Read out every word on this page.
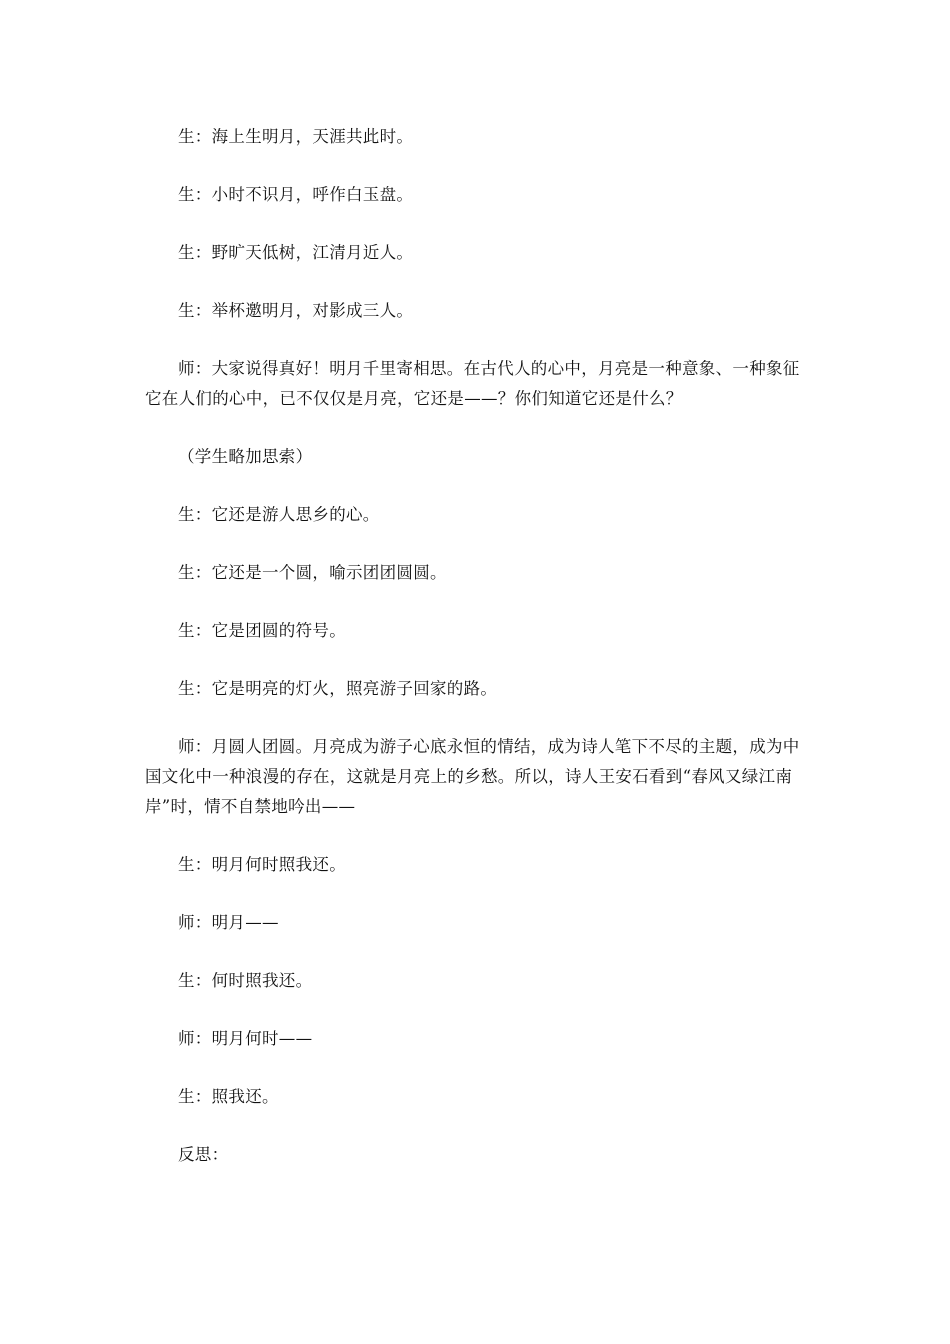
生：海上生明月，天涯共此时。

生：小时不识月，呼作白玉盘。

生：野旷天低树，江清月近人。

生：举杯邀明月，对影成三人。

师：大家说得真好！明月千里寄相思。在古代人的心中，月亮是一种意象、一种象征它在人们的心中，已不仅仅是月亮，它还是——？你们知道它还是什么？

（学生略加思索）

生：它还是游人思乡的心。

生：它还是一个圆，喻示团团圆圆。

生：它是团圆的符号。

生：它是明亮的灯火，照亮游子回家的路。

师：月圆人团圆。月亮成为游子心底永恒的情结，成为诗人笔下不尽的主题，成为中国文化中一种浪漫的存在，这就是月亮上的乡愁。所以，诗人王安石看到“春风又绿江南岸”时，情不自禁地吟出——

生：明月何时照我还。

师：明月——

生：何时照我还。

师：明月何时——

生：照我还。

反思：
